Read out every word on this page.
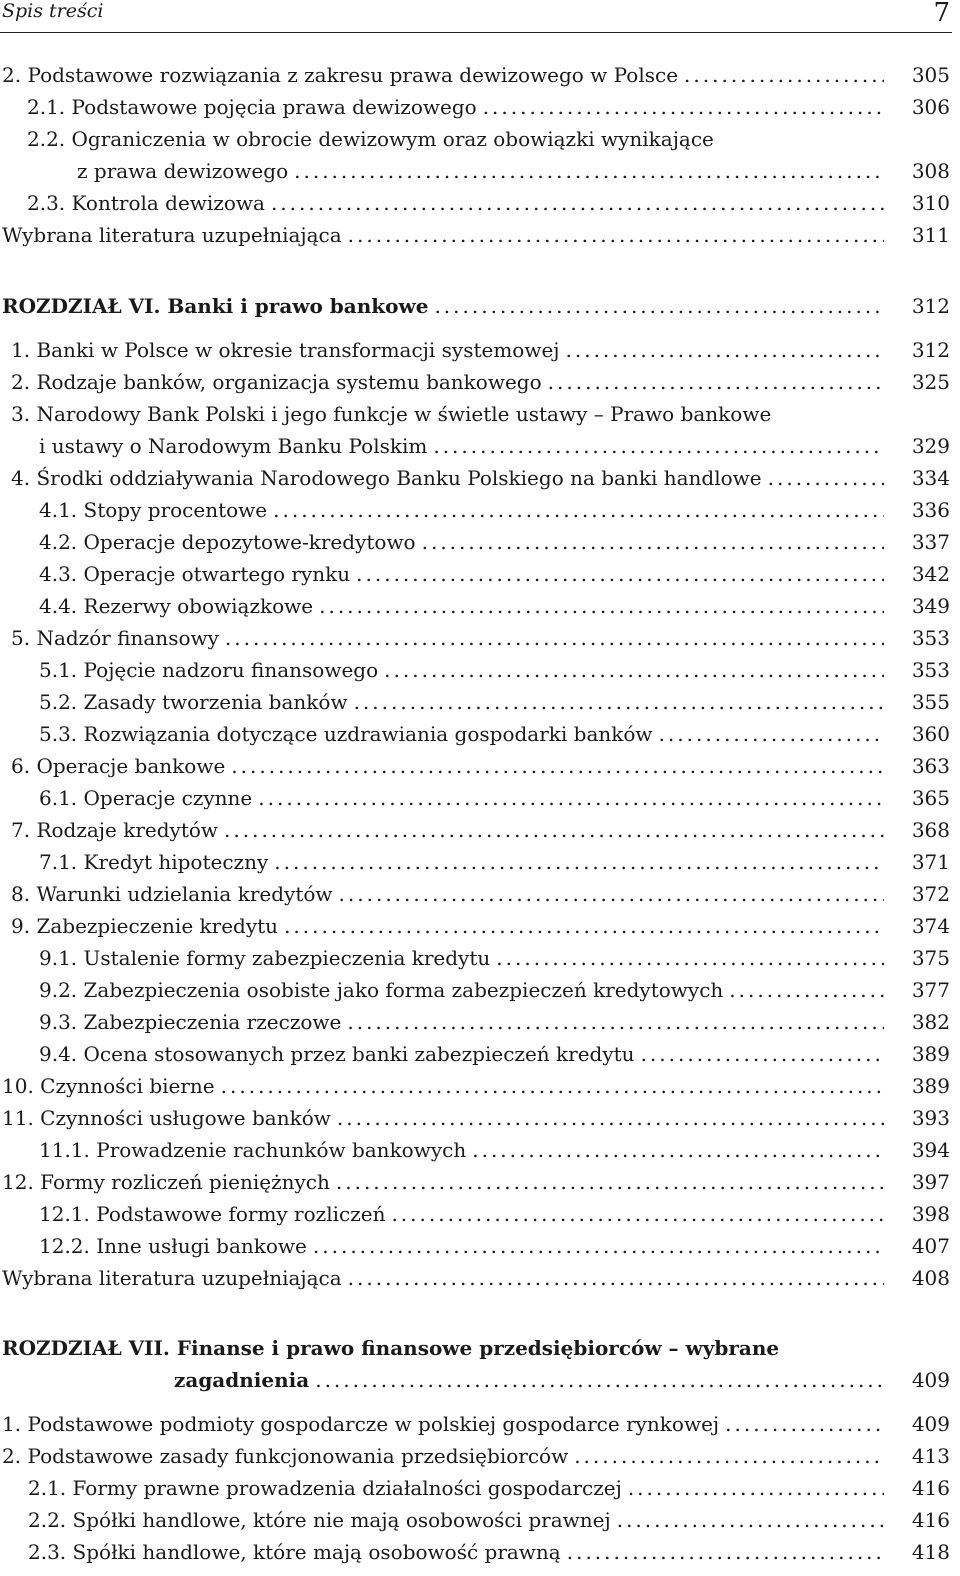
Spis treści	7
2. Podstawowe rozwiązania z zakresu prawa dewizowego w Polsce .....	305
2.1. Podstawowe pojęcia prawa dewizowego .....	306
2.2. Ograniczenia w obrocie dewizowym oraz obowiązki wynikające
z prawa dewizowego .....	308
2.3. Kontrola dewizowa .....	310
Wybrana literatura uzupełniająca .....	311
ROZDZIAŁ VI. Banki i prawo bankowe .....	312
1. Banki w Polsce w okresie transformacji systemowej .....	312
2. Rodzaje banków, organizacja systemu bankowego .....	325
3. Narodowy Bank Polski i jego funkcje w świetle ustawy – Prawo bankowe
i ustawy o Narodowym Banku Polskim .....	329
4. Środki oddziaływania Narodowego Banku Polskiego na banki handlowe .....	334
4.1. Stopy procentowe .....	336
4.2. Operacje depozytowe-kredytowo .....	337
4.3. Operacje otwartego rynku .....	342
4.4. Rezerwy obowiązkowe .....	349
5. Nadzór finansowy .....	353
5.1. Pojęcie nadzoru finansowego .....	353
5.2. Zasady tworzenia banków .....	355
5.3. Rozwiązania dotyczące uzdrawiania gospodarki banków .....	360
6. Operacje bankowe .....	363
6.1. Operacje czynne .....	365
7. Rodzaje kredytów .....	368
7.1. Kredyt hipoteczny .....	371
8. Warunki udzielania kredytów .....	372
9. Zabezpieczenie kredytu .....	374
9.1. Ustalenie formy zabezpieczenia kredytu .....	375
9.2. Zabezpieczenia osobiste jako forma zabezpieczeń kredytowych .....	377
9.3. Zabezpieczenia rzeczowe .....	382
9.4. Ocena stosowanych przez banki zabezpieczeń kredytu .....	389
10. Czynności bierne .....	389
11. Czynności usługowe banków .....	393
11.1. Prowadzenie rachunków bankowych .....	394
12. Formy rozliczeń pieniężnych .....	397
12.1. Podstawowe formy rozliczeń .....	398
12.2. Inne usługi bankowe .....	407
Wybrana literatura uzupełniająca .....	408
ROZDZIAŁ VII. Finanse i prawo finansowe przedsiębiorców – wybrane
zagadnienia .....	409
1. Podstawowe podmioty gospodarcze w polskiej gospodarce rynkowej .....	409
2. Podstawowe zasady funkcjonowania przedsiębiorców .....	413
2.1. Formy prawne prowadzenia działalności gospodarczej .....	416
2.2. Spółki handlowe, które nie mają osobowości prawnej .....	416
2.3. Spółki handlowe, które mają osobowość prawną .....	418
